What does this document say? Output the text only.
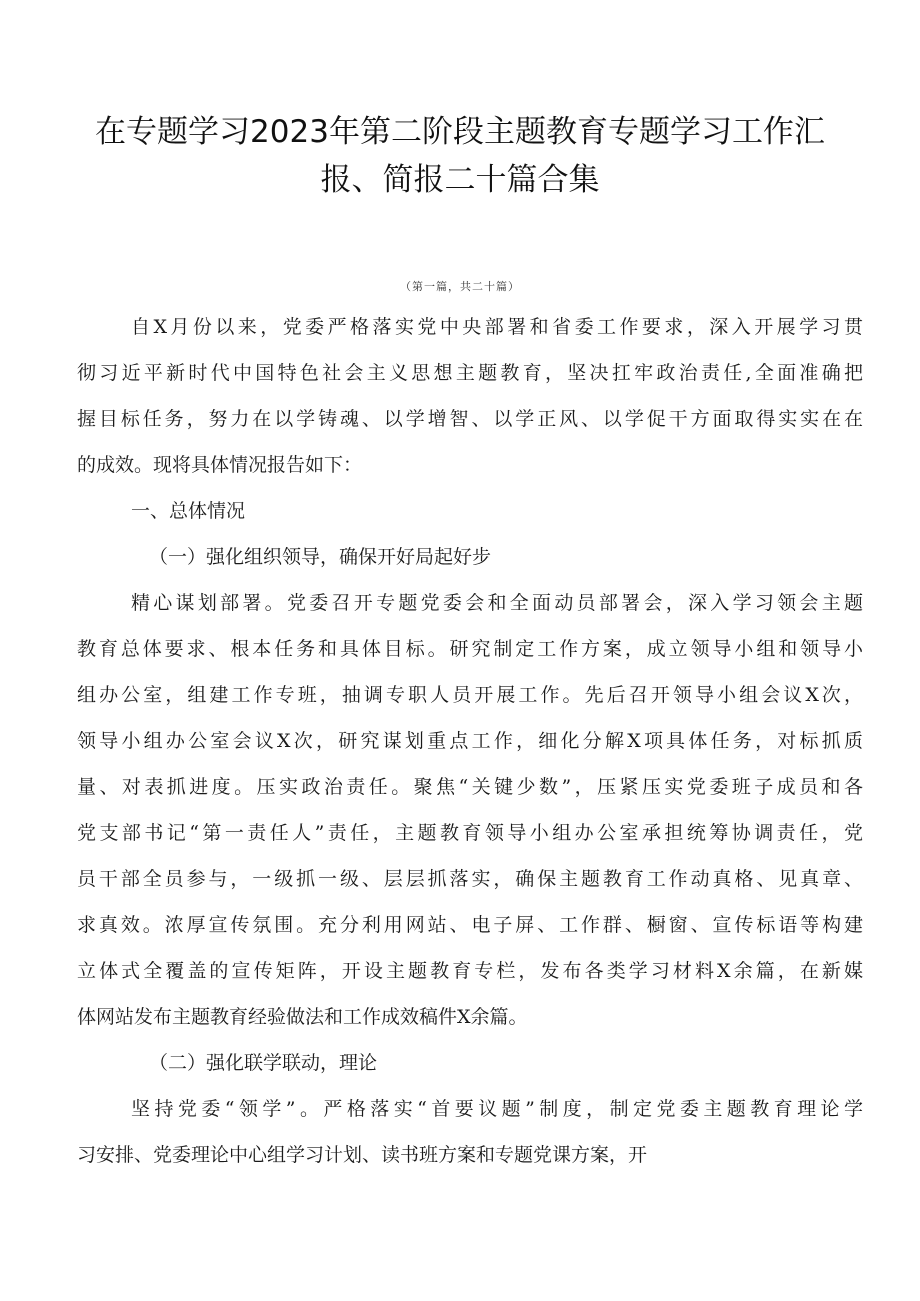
在专题学习2023年第二阶段主题教育专题学习工作汇
报、简报二十篇合集
（第一篇，共二十篇）
自X月份以来，党委严格落实党中央部署和省委工作要求，深入开展学习贯
彻习近平新时代中国特色社会主义思想主题教育，坚决扛牢政治责任,全面准确把
握目标任务，努力在以学铸魂、以学增智、以学正风、以学促干方面取得实实在在
的成效。现将具体情况报告如下：
一、总体情况
（一）强化组织领导，确保开好局起好步
精心谋划部署。党委召开专题党委会和全面动员部署会，深入学习领会主题
教育总体要求、根本任务和具体目标。研究制定工作方案，成立领导小组和领导小
组办公室，组建工作专班，抽调专职人员开展工作。先后召开领导小组会议X次，
领导小组办公室会议X次，研究谋划重点工作，细化分解X项具体任务，对标抓质
量、对表抓进度。压实政治责任。聚焦“关键少数”，压紧压实党委班子成员和各
党支部书记“第一责任人”责任，主题教育领导小组办公室承担统筹协调责任，党
员干部全员参与，一级抓一级、层层抓落实，确保主题教育工作动真格、见真章、
求真效。浓厚宣传氛围。充分利用网站、电子屏、工作群、橱窗、宣传标语等构建
立体式全覆盖的宣传矩阵，开设主题教育专栏，发布各类学习材料X余篇，在新媒
体网站发布主题教育经验做法和工作成效稿件X余篇。
（二）强化联学联动，理论
坚持党委“领学”。严格落实“首要议题”制度，制定党委主题教育理论学
习安排、党委理论中心组学习计划、读书班方案和专题党课方案，开
